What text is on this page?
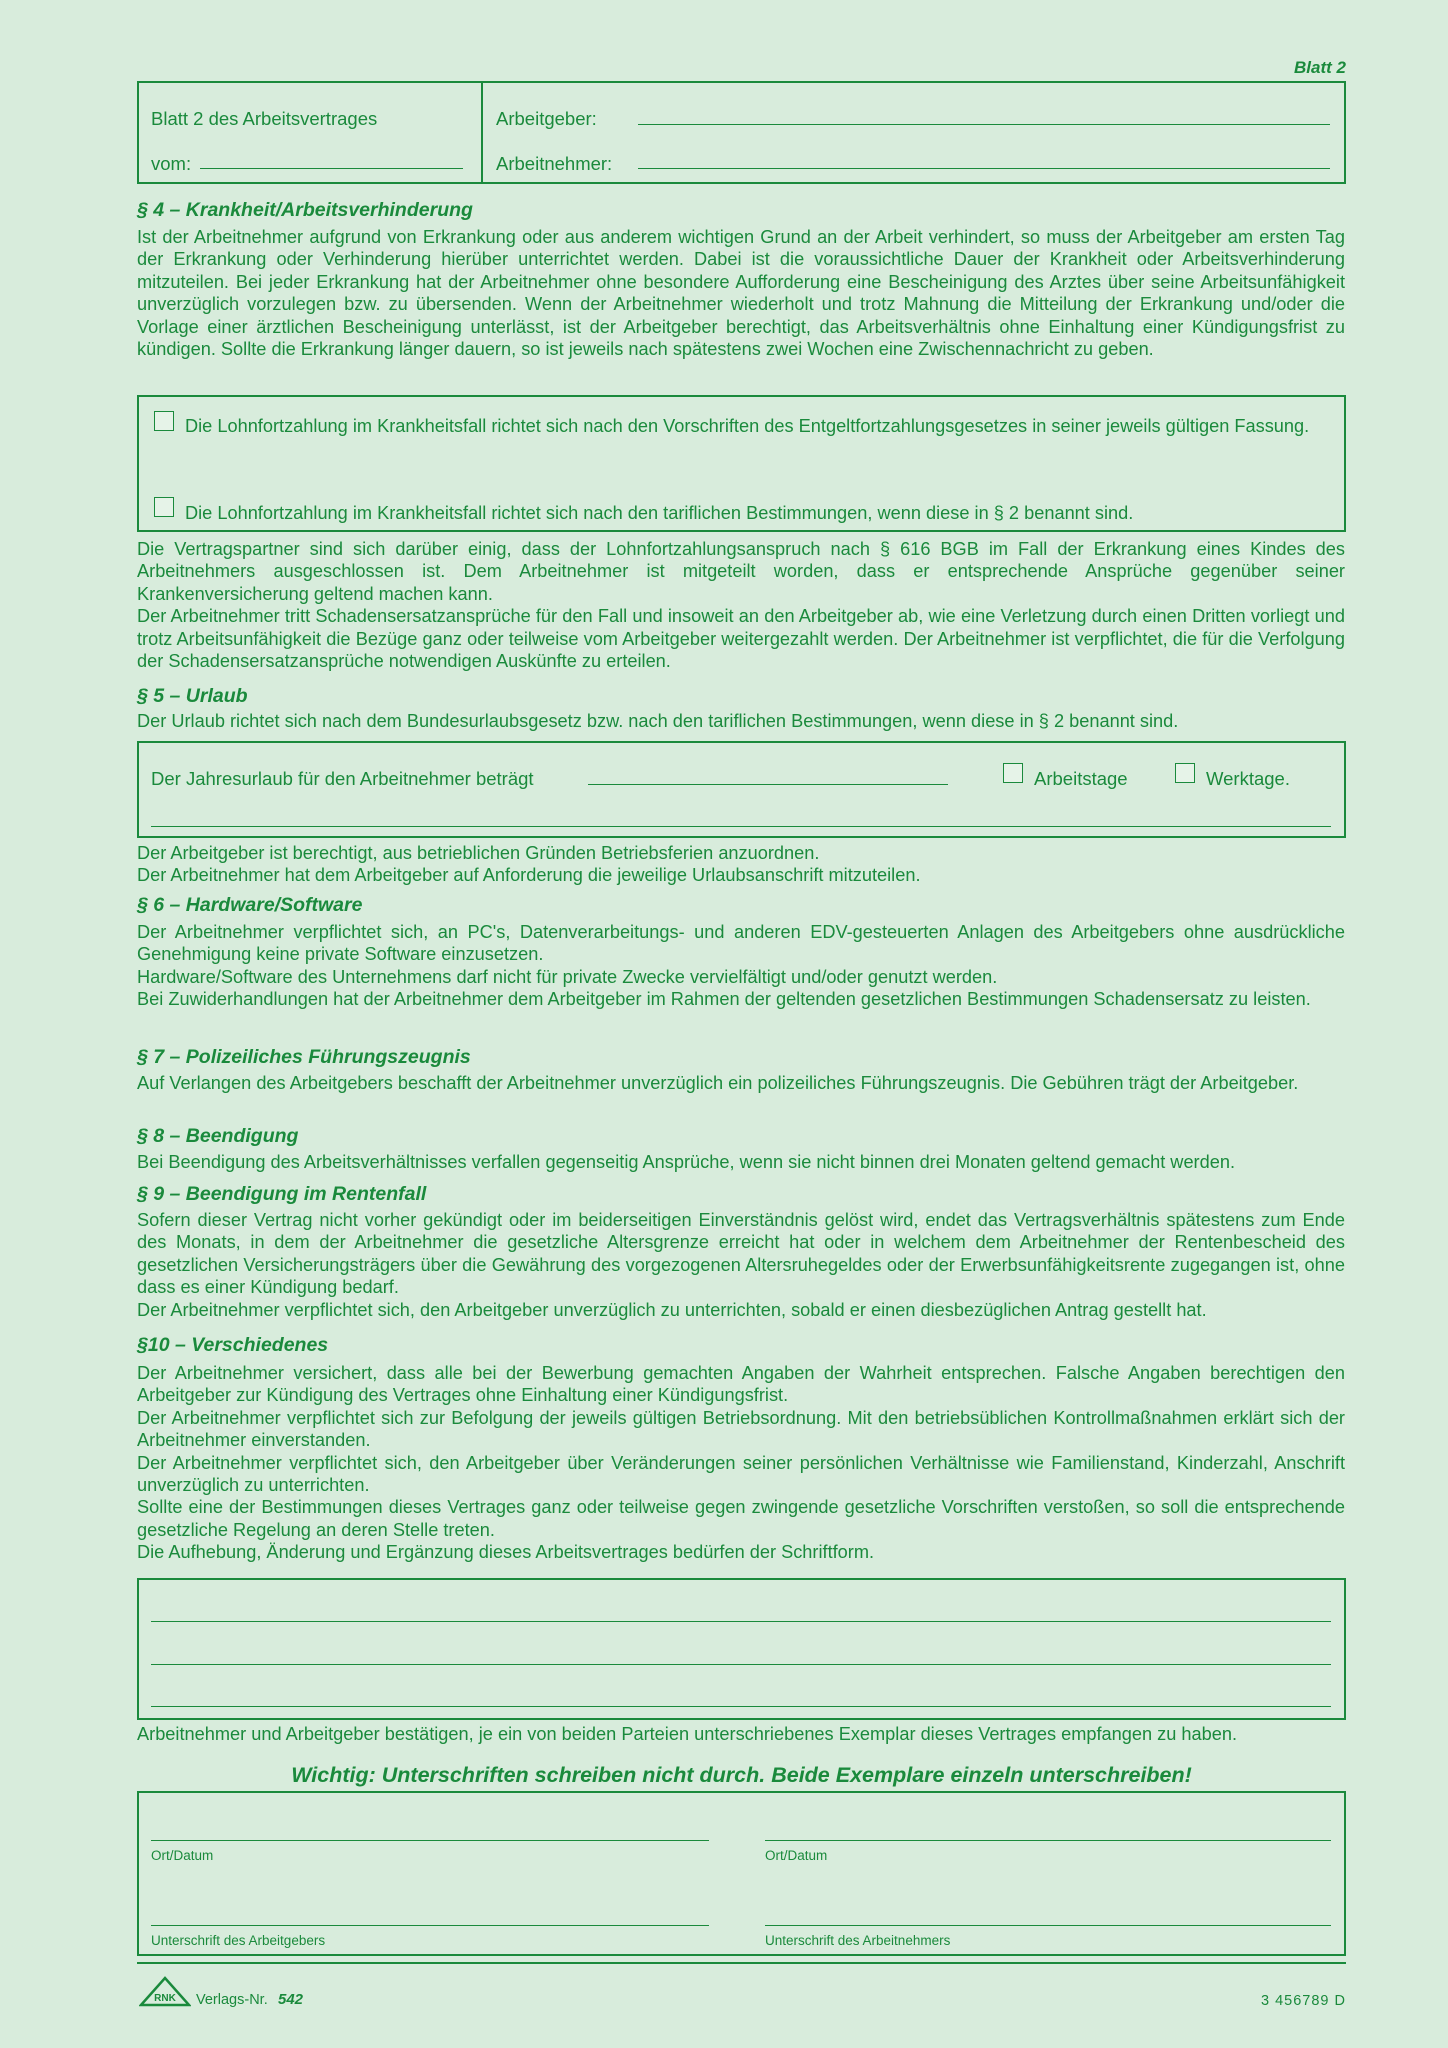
Blatt 2
Blatt 2 des Arbeitsvertrages
vom:
Arbeitgeber:
Arbeitnehmer:
§ 4 – Krankheit/Arbeitsverhinderung

Ist der Arbeitnehmer aufgrund von Erkrankung oder aus anderem wichtigen Grund an der Arbeit verhindert, so muss der Arbeitgeber am ersten Tag der Erkrankung oder Verhinderung hierüber unterrichtet werden. Dabei ist die voraussichtliche Dauer der Krankheit oder Arbeitsverhinderung mitzuteilen. Bei jeder Erkrankung hat der Arbeitnehmer ohne besondere Aufforderung eine Bescheinigung des Arztes über seine Arbeitsunfähigkeit unverzüglich vorzulegen bzw. zu übersenden. Wenn der Arbeitnehmer wiederholt und trotz Mahnung die Mitteilung der Erkrankung und/oder die Vorlage einer ärztlichen Bescheinigung unterlässt, ist der Arbeitgeber berechtigt, das Arbeitsverhältnis ohne Einhaltung einer Kündigungsfrist zu kündigen. Sollte die Erkrankung länger dauern, so ist jeweils nach spätestens zwei Wochen eine Zwischennachricht zu geben.

Die Lohnfortzahlung im Krankheitsfall richtet sich nach den Vorschriften des Entgeltfortzahlungsgesetzes in seiner jeweils gültigen Fassung.
Die Lohnfortzahlung im Krankheitsfall richtet sich nach den tariflichen Bestimmungen, wenn diese in § 2 benannt sind.

Die Vertragspartner sind sich darüber einig, dass der Lohnfortzahlungsanspruch nach § 616 BGB im Fall der Erkrankung eines Kindes des Arbeitnehmers ausgeschlossen ist. Dem Arbeitnehmer ist mitgeteilt worden, dass er entsprechende Ansprüche gegenüber seiner Krankenversicherung geltend machen kann.

Der Arbeitnehmer tritt Schadensersatzansprüche für den Fall und insoweit an den Arbeitgeber ab, wie eine Verletzung durch einen Dritten vorliegt und trotz Arbeitsunfähigkeit die Bezüge ganz oder teilweise vom Arbeitgeber weitergezahlt werden. Der Arbeitnehmer ist verpflichtet, die für die Verfolgung der Schadensersatzansprüche notwendigen Auskünfte zu erteilen.

§ 5 – Urlaub

Der Urlaub richtet sich nach dem Bundesurlaubsgesetz bzw. nach den tariflichen Bestimmungen, wenn diese in § 2 benannt sind.

Der Jahresurlaub für den Arbeitnehmer beträgt	Arbeitstage	Werktage.

Der Arbeitgeber ist berechtigt, aus betrieblichen Gründen Betriebsferien anzuordnen.

Der Arbeitnehmer hat dem Arbeitgeber auf Anforderung die jeweilige Urlaubsanschrift mitzuteilen.

§ 6 – Hardware/Software

Der Arbeitnehmer verpflichtet sich, an PC's, Datenverarbeitungs- und anderen EDV-gesteuerten Anlagen des Arbeitgebers ohne ausdrückliche Genehmigung keine private Software einzusetzen.

Hardware/Software des Unternehmens darf nicht für private Zwecke vervielfältigt und/oder genutzt werden.

Bei Zuwiderhandlungen hat der Arbeitnehmer dem Arbeitgeber im Rahmen der geltenden gesetzlichen Bestimmungen Schadensersatz zu leisten.

§ 7 – Polizeiliches Führungszeugnis

Auf Verlangen des Arbeitgebers beschafft der Arbeitnehmer unverzüglich ein polizeiliches Führungszeugnis. Die Gebühren trägt der Arbeitgeber.

§ 8 – Beendigung

Bei Beendigung des Arbeitsverhältnisses verfallen gegenseitig Ansprüche, wenn sie nicht binnen drei Monaten geltend gemacht werden.

§ 9 – Beendigung im Rentenfall

Sofern dieser Vertrag nicht vorher gekündigt oder im beiderseitigen Einverständnis gelöst wird, endet das Vertragsverhältnis spätestens zum Ende des Monats, in dem der Arbeitnehmer die gesetzliche Altersgrenze erreicht hat oder in welchem dem Arbeitnehmer der Rentenbescheid des gesetzlichen Versicherungsträgers über die Gewährung des vorgezogenen Altersruhegeldes oder der Erwerbsunfähigkeitsrente zugegangen ist, ohne dass es einer Kündigung bedarf.

Der Arbeitnehmer verpflichtet sich, den Arbeitgeber unverzüglich zu unterrichten, sobald er einen diesbezüglichen Antrag gestellt hat.

§10 – Verschiedenes

Der Arbeitnehmer versichert, dass alle bei der Bewerbung gemachten Angaben der Wahrheit entsprechen. Falsche Angaben berechtigen den Arbeitgeber zur Kündigung des Vertrages ohne Einhaltung einer Kündigungsfrist.

Der Arbeitnehmer verpflichtet sich zur Befolgung der jeweils gültigen Betriebsordnung. Mit den betriebsüblichen Kontrollmaßnahmen erklärt sich der Arbeitnehmer einverstanden.

Der Arbeitnehmer verpflichtet sich, den Arbeitgeber über Veränderungen seiner persönlichen Verhältnisse wie Familienstand, Kinderzahl, Anschrift unverzüglich zu unterrichten.

Sollte eine der Bestimmungen dieses Vertrages ganz oder teilweise gegen zwingende gesetzliche Vorschriften verstoßen, so soll die entsprechende gesetzliche Regelung an deren Stelle treten.

Die Aufhebung, Änderung und Ergänzung dieses Arbeitsvertrages bedürfen der Schriftform.

Arbeitnehmer und Arbeitgeber bestätigen, je ein von beiden Parteien unterschriebenes Exemplar dieses Vertrages empfangen zu haben.

Wichtig: Unterschriften schreiben nicht durch. Beide Exemplare einzeln unterschreiben!
Ort/Datum	Ort/Datum
Unterschrift des Arbeitgebers	Unterschrift des Arbeitnehmers
RNK Verlags-Nr. 542	3 456789 D
